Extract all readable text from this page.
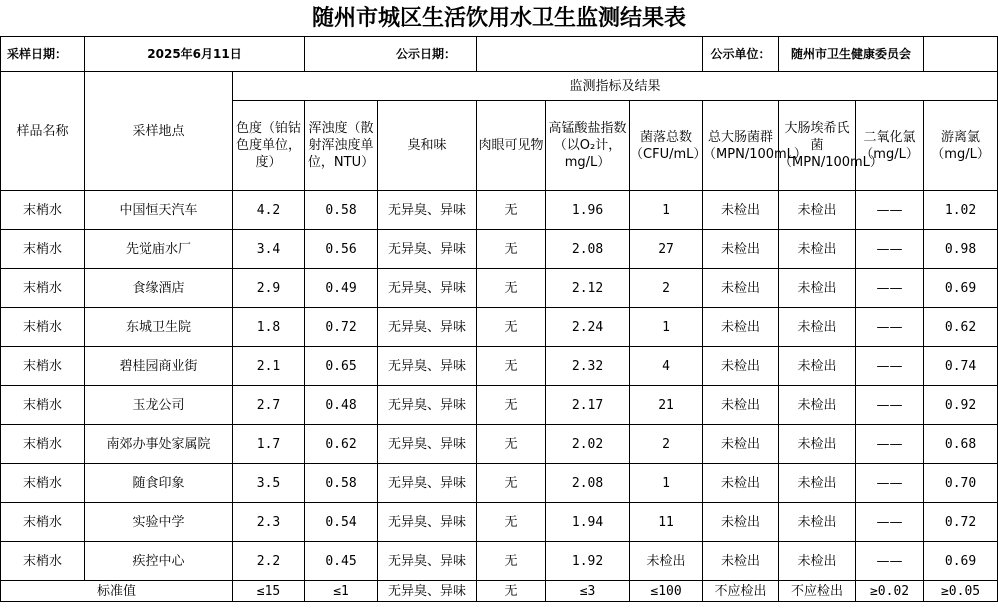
随州市城区生活饮用水卫生监测结果表
采样日期：	2025年6月11日		公示日期：					公示单位：	随州市卫生健康委员会		
样品名称	采样地点	监测指标及结果									
		色度（铂钴色度单位，度）	浑浊度（散射浑浊度单位，NTU）	臭和味	肉眼可见物	高锰酸盐指数（以O₂计，mg/L）	菌落总数（CFU/mL）	总大肠菌群（MPN/100mL）	大肠埃希氏菌（MPN/100mL）	二氧化氯（mg/L）	游离氯（mg/L）
末梢水	中国恒天汽车	4.2	0.58	无异臭、异味	无	1.96	1	未检出	未检出	——	1.02
末梢水	先觉庙水厂	3.4	0.56	无异臭、异味	无	2.08	27	未检出	未检出	——	0.98
末梢水	食缘酒店	2.9	0.49	无异臭、异味	无	2.12	2	未检出	未检出	——	0.69
末梢水	东城卫生院	1.8	0.72	无异臭、异味	无	2.24	1	未检出	未检出	——	0.62
末梢水	碧桂园商业街	2.1	0.65	无异臭、异味	无	2.32	4	未检出	未检出	——	0.74
末梢水	玉龙公司	2.7	0.48	无异臭、异味	无	2.17	21	未检出	未检出	——	0.92
末梢水	南郊办事处家属院	1.7	0.62	无异臭、异味	无	2.02	2	未检出	未检出	——	0.68
末梢水	随食印象	3.5	0.58	无异臭、异味	无	2.08	1	未检出	未检出	——	0.70
末梢水	实验中学	2.3	0.54	无异臭、异味	无	1.94	11	未检出	未检出	——	0.72
末梢水	疾控中心	2.2	0.45	无异臭、异味	无	1.92	未检出	未检出	未检出	——	0.69
标准值		≤15	≤1	无异臭、异味	无	≤3	≤100	不应检出	不应检出	≥0.02	≥0.05
